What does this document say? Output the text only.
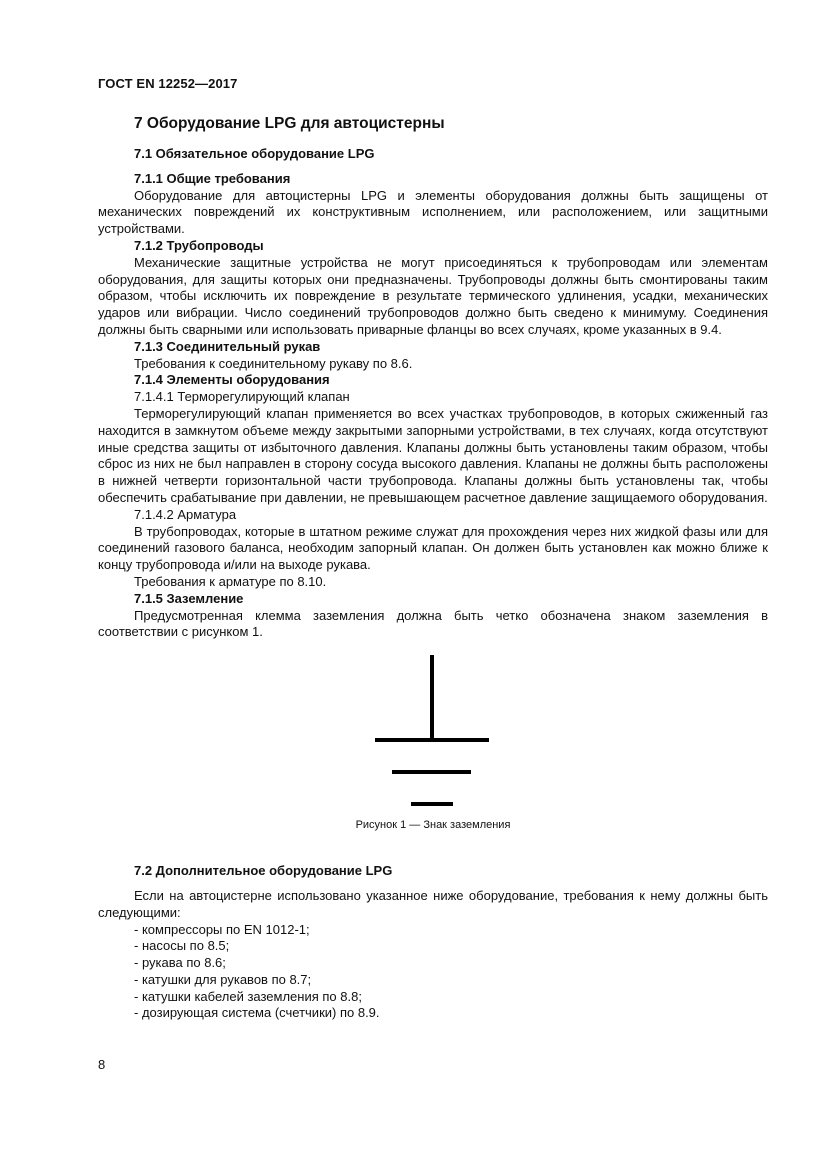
ГОСТ EN 12252—2017
7 Оборудование LPG для автоцистерны
7.1 Обязательное оборудование LPG
7.1.1 Общие требования

Оборудование для автоцистерны LPG и элементы оборудования должны быть защищены от механических повреждений их конструктивным исполнением, или расположением, или защитными устройствами.

7.1.2 Трубопроводы

Механические защитные устройства не могут присоединяться к трубопроводам или элементам оборудования, для защиты которых они предназначены. Трубопроводы должны быть смонтированы таким образом, чтобы исключить их повреждение в результате термического удлинения, усадки, механических ударов или вибрации. Число соединений трубопроводов должно быть сведено к минимуму. Соединения должны быть сварными или использовать приварные фланцы во всех случаях, кроме указанных в 9.4.

7.1.3 Соединительный рукав

Требования к соединительному рукаву по 8.6.

7.1.4 Элементы оборудования

7.1.4.1 Терморегулирующий клапан

Терморегулирующий клапан применяется во всех участках трубопроводов, в которых сжиженный газ находится в замкнутом объеме между закрытыми запорными устройствами, в тех случаях, когда отсутствуют иные средства защиты от избыточного давления. Клапаны должны быть установлены таким образом, чтобы сброс из них не был направлен в сторону сосуда высокого давления. Клапаны не должны быть расположены в нижней четверти горизонтальной части трубопровода. Клапаны должны быть установлены так, чтобы обеспечить срабатывание при давлении, не превышающем расчетное давление защищаемого оборудования.

7.1.4.2 Арматура

В трубопроводах, которые в штатном режиме служат для прохождения через них жидкой фазы или для соединений газового баланса, необходим запорный клапан. Он должен быть установлен как можно ближе к концу трубопровода и/или на выходе рукава.

Требования к арматуре по 8.10.

7.1.5 Заземление

Предусмотренная клемма заземления должна быть четко обозначена знаком заземления в соответствии с рисунком 1.

Рисунок 1 — Знак заземления
7.2 Дополнительное оборудование LPG

Если на автоцистерне использовано указанное ниже оборудование, требования к нему должны быть следующими:

- компрессоры по EN 1012-1;
- насосы по 8.5;
- рукава по 8.6;
- катушки для рукавов по 8.7;
- катушки кабелей заземления по 8.8;
- дозирующая система (счетчики) по 8.9.
8
